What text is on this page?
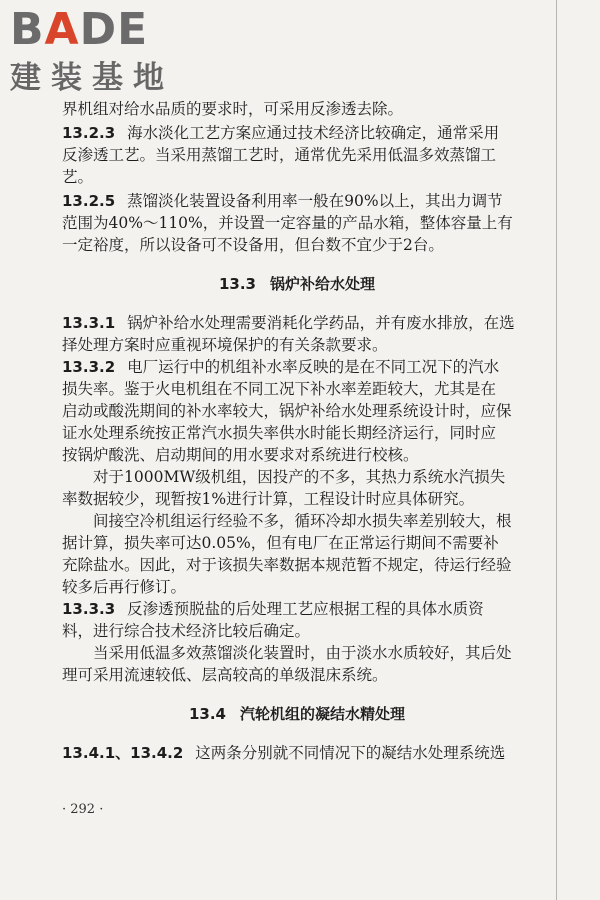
BADE
建装基地
界机组对给水品质的要求时，可采用反渗透去除。
13.2.3 海水淡化工艺方案应通过技术经济比较确定，通常采用
反渗透工艺。当采用蒸馏工艺时，通常优先采用低温多效蒸馏工
艺。
13.2.5 蒸馏淡化装置设备利用率一般在90%以上，其出力调节
范围为40%～110%，并设置一定容量的产品水箱，整体容量上有
一定裕度，所以设备可不设备用，但台数不宜少于2台。
13.3 锅炉补给水处理
13.3.1 锅炉补给水处理需要消耗化学药品，并有废水排放，在选
择处理方案时应重视环境保护的有关条款要求。
13.3.2 电厂运行中的机组补水率反映的是在不同工况下的汽水
损失率。鉴于火电机组在不同工况下补水率差距较大，尤其是在
启动或酸洗期间的补水率较大，锅炉补给水处理系统设计时，应保
证水处理系统按正常汽水损失率供水时能长期经济运行，同时应
按锅炉酸洗、启动期间的用水要求对系统进行校核。
对于1000MW级机组，因投产的不多，其热力系统水汽损失
率数据较少，现暂按1%进行计算，工程设计时应具体研究。
间接空冷机组运行经验不多，循环冷却水损失率差别较大，根
据计算，损失率可达0.05%，但有电厂在正常运行期间不需要补
充除盐水。因此，对于该损失率数据本规范暂不规定，待运行经验
较多后再行修订。
13.3.3 反渗透预脱盐的后处理工艺应根据工程的具体水质资
料，进行综合技术经济比较后确定。
当采用低温多效蒸馏淡化装置时，由于淡水水质较好，其后处
理可采用流速较低、层高较高的单级混床系统。
13.4 汽轮机组的凝结水精处理
13.4.1、13.4.2 这两条分别就不同情况下的凝结水处理系统选
· 292 ·
